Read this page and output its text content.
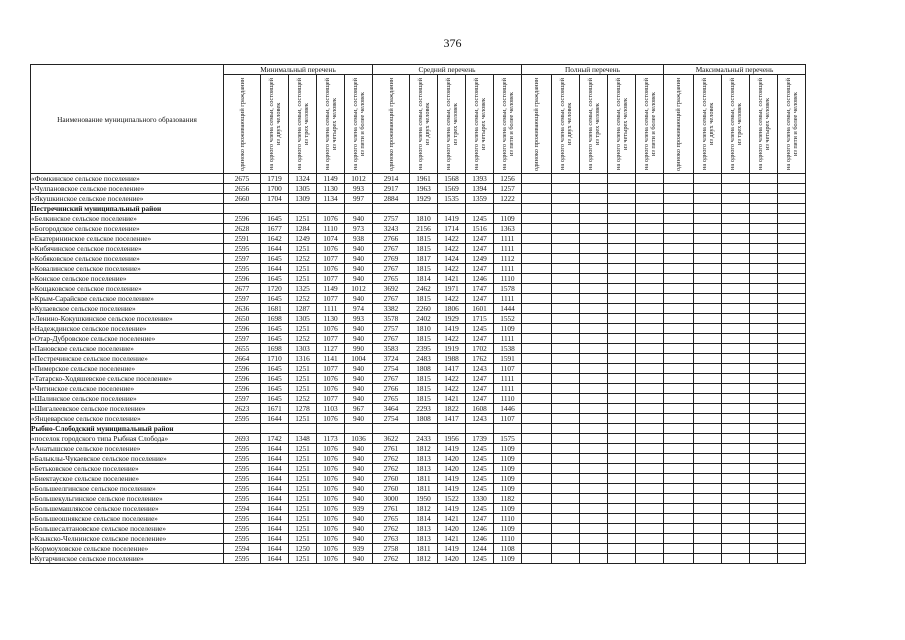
376
Наименование муниципального образования	Минимальный перечень					Средний перечень					Полный перечень					Максимальный перечень				

	одиноко проживающий гражданин	на одного члена семьи, состоящей из двух человек	на одного члена семьи, состоящей из трех человек	на одного члена семьи, состоящей из четырех человек	на одного члена семьи, состоящей из пяти и более человек	одиноко проживающий гражданин	на одного члена семьи, состоящей из двух человек	на одного члена семьи, состоящей из трех человек	на одного члена семьи, состоящей из четырех человек	на одного члена семьи, состоящей из пяти и более человек	одиноко проживающий гражданин	на одного члена семьи, состоящей из двух человек	на одного члена семьи, состоящей из трех человек	на одного члена семьи, состоящей из четырех человек	на одного члена семьи, состоящей из пяти и более человек	одиноко проживающий гражданин	на одного члена семьи, состоящей из двух человек	на одного члена семьи, состоящей из трех человек	на одного члена семьи, состоящей из четырех человек	на одного члена семьи, состоящей из пяти и более человек

«Фомкинское сельское поселение»	2675	1719	1324	1149	1012	2914	1961	1568	1393	1256										
«Чулпановское сельское поселение»	2656	1700	1305	1130	993	2917	1963	1569	1394	1257										
«Якушкинское сельское поселение»	2660	1704	1309	1134	997	2884	1929	1535	1359	1222										
Пестречинский муниципальный район																				
«Белкинское сельское поселение»	2596	1645	1251	1076	940	2757	1810	1419	1245	1109										
«Богородское сельское поселение»	2628	1677	1284	1110	973	3243	2156	1714	1516	1363										
«Екатерининское сельское поселение»	2591	1642	1249	1074	938	2766	1815	1422	1247	1111										
«Кибячинское сельское поселение»	2595	1644	1251	1076	940	2767	1815	1422	1247	1111										
«Кобяковское сельское поселение»	2597	1645	1252	1077	940	2769	1817	1424	1249	1112										
«Ковалинское сельское поселение»	2595	1644	1251	1076	940	2767	1815	1422	1247	1111										
«Конское сельское поселение»	2596	1645	1251	1077	940	2765	1814	1421	1246	1110										
«Кощаковское сельское поселение»	2677	1720	1325	1149	1012	3692	2462	1971	1747	1578										
«Крым-Сарайское сельское поселение»	2597	1645	1252	1077	940	2767	1815	1422	1247	1111										
«Кулаевское сельское поселение»	2636	1681	1287	1111	974	3382	2260	1806	1601	1444										
«Ленино-Кокушкинское сельское поселение»	2650	1698	1305	1130	993	3578	2402	1929	1715	1552										
«Надеждинское сельское поселение»	2596	1645	1251	1076	940	2757	1810	1419	1245	1109										
«Отар-Дубровское сельское поселение»	2597	1645	1252	1077	940	2767	1815	1422	1247	1111										
«Пановское сельское поселение»	2655	1698	1303	1127	990	3583	2395	1919	1702	1538										
«Пестречинское сельское поселение»	2664	1710	1316	1141	1004	3724	2483	1988	1762	1591										
«Пимерское сельское поселение»	2596	1645	1251	1077	940	2754	1808	1417	1243	1107										
«Татарско-Ходяшевское сельское поселение»	2596	1645	1251	1076	940	2767	1815	1422	1247	1111										
«Читинское сельское поселение»	2596	1645	1251	1076	940	2766	1815	1422	1247	1111										
«Шалинское сельское поселение»	2597	1645	1252	1077	940	2765	1815	1421	1247	1110										
«Шигалеевское сельское поселение»	2623	1671	1278	1103	967	3464	2293	1822	1608	1446										
«Янцеварское сельское поселение»	2595	1644	1251	1076	940	2754	1808	1417	1243	1107										
Рыбно-Слободский муниципальный район																				
«поселок городского типа Рыбная Слобода»	2693	1742	1348	1173	1036	3622	2433	1956	1739	1575										
«Анатышское сельское поселение»	2595	1644	1251	1076	940	2761	1812	1419	1245	1109										
«Балыклы-Чукаевское сельское поселение»	2595	1644	1251	1076	940	2762	1813	1420	1245	1109										
«Бетьковское сельское поселение»	2595	1644	1251	1076	940	2762	1813	1420	1245	1109										
«Биектауское сельское поселение»	2595	1644	1251	1076	940	2760	1811	1419	1245	1109										
«Большеелгинское сельское поселение»	2595	1644	1251	1076	940	2760	1811	1419	1245	1109										
«Большекульгинское сельское поселение»	2595	1644	1251	1076	940	3000	1950	1522	1330	1182										
«Большемашляксое сельское поселение»	2594	1644	1251	1076	939	2761	1812	1419	1245	1109										
«Большеошнякское сельское поселение»	2595	1644	1251	1076	940	2765	1814	1421	1247	1110										
«Большесалтановское сельское поселение»	2595	1644	1251	1076	940	2762	1813	1420	1246	1109										
«Кзыкско-Челнинское сельское поселение»	2595	1644	1251	1076	940	2763	1813	1421	1246	1110										
«Кормоуховское сельское поселение»	2594	1644	1250	1076	939	2758	1811	1419	1244	1108										
«Кугарчинское сельское поселение»	2595	1644	1251	1076	940	2762	1812	1420	1245	1109										
